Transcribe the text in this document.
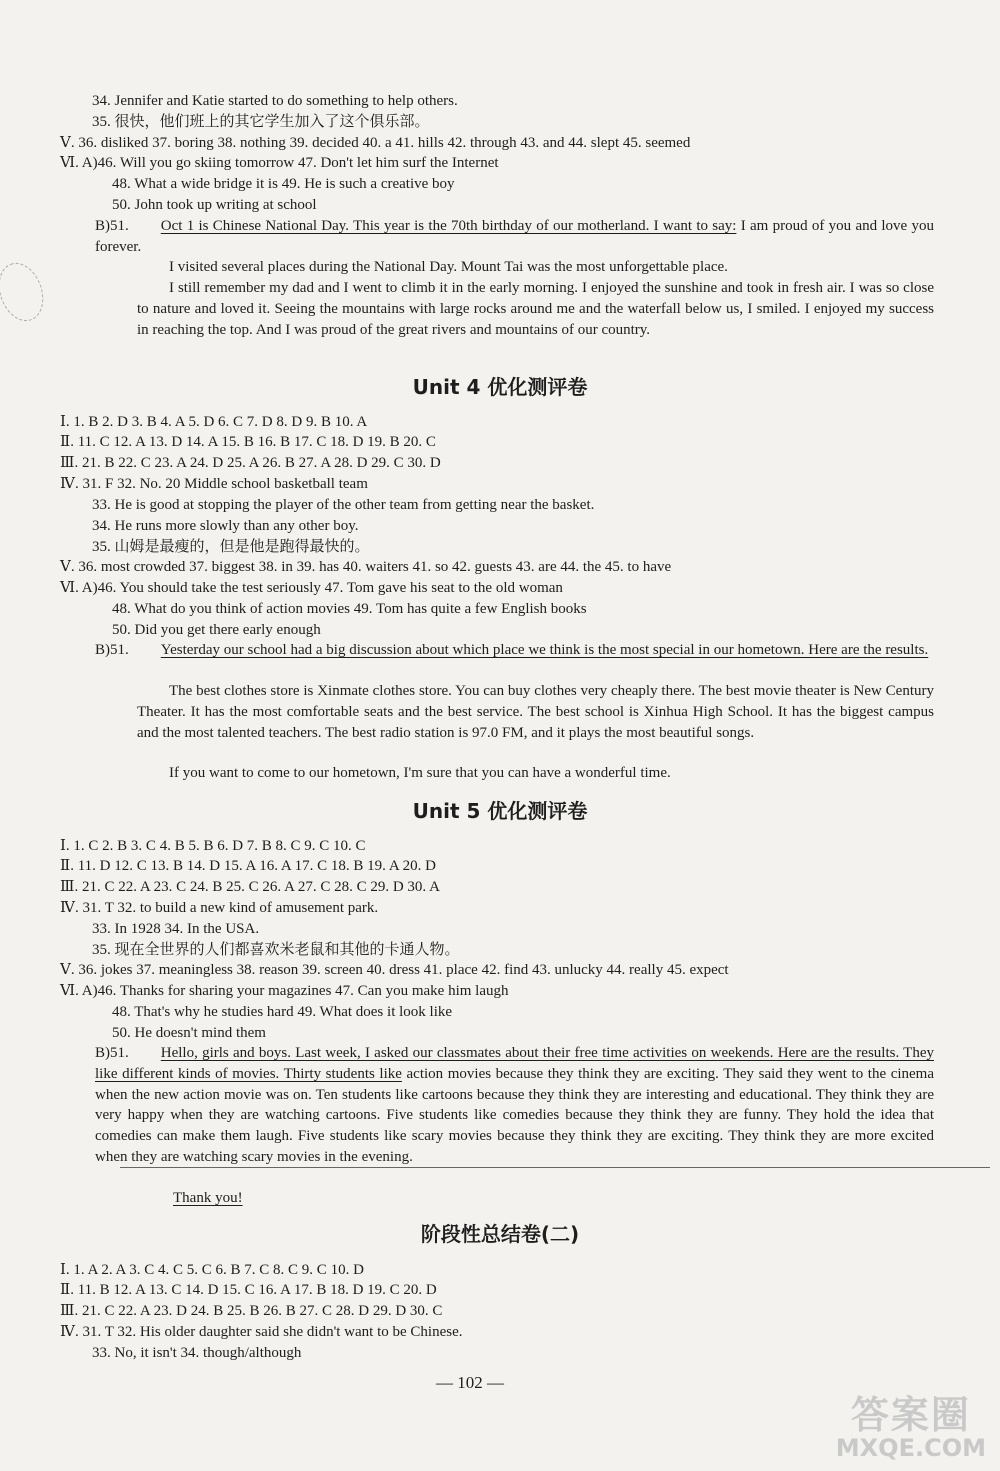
34. Jennifer and Katie started to do something to help others.
35. 很快，他们班上的其它学生加入了这个俱乐部。
Ⅴ. 36. disliked 37. boring 38. nothing 39. decided 40. a 41. hills 42. through 43. and 44. slept 45. seemed
Ⅵ. A)46. Will you go skiing tomorrow 47. Don't let him surf the Internet
48. What a wide bridge it is 49. He is such a creative boy
50. John took up writing at school
B)51. Oct 1 is Chinese National Day. This year is the 70th birthday of our motherland. I want to say: I am proud of you and love you forever.
I visited several places during the National Day. Mount Tai was the most unforgettable place.
I still remember my dad and I went to climb it in the early morning. I enjoyed the sunshine and took in fresh air. I was so close to nature and loved it. Seeing the mountains with large rocks around me and the waterfall below us, I smiled. I enjoyed my success in reaching the top. And I was proud of the great rivers and mountains of our country.
Unit 4 优化测评卷
Ⅰ. 1. B 2. D 3. B 4. A 5. D 6. C 7. D 8. D 9. B 10. A
Ⅱ. 11. C 12. A 13. D 14. A 15. B 16. B 17. C 18. D 19. B 20. C
Ⅲ. 21. B 22. C 23. A 24. D 25. A 26. B 27. A 28. D 29. C 30. D
Ⅳ. 31. F 32. No. 20 Middle school basketball team
33. He is good at stopping the player of the other team from getting near the basket.
34. He runs more slowly than any other boy.
35. 山姆是最瘦的，但是他是跑得最快的。
Ⅴ. 36. most crowded 37. biggest 38. in 39. has 40. waiters 41. so 42. guests 43. are 44. the 45. to have
Ⅵ. A)46. You should take the test seriously 47. Tom gave his seat to the old woman
48. What do you think of action movies 49. Tom has quite a few English books
50. Did you get there early enough
B)51. Yesterday our school had a big discussion about which place we think is the most special in our hometown. Here are the results.
The best clothes store is Xinmate clothes store. You can buy clothes very cheaply there. The best movie theater is New Century Theater. It has the most comfortable seats and the best service. The best school is Xinhua High School. It has the biggest campus and the most talented teachers. The best radio station is 97.0 FM, and it plays the most beautiful songs.
If you want to come to our hometown, I'm sure that you can have a wonderful time.
Unit 5 优化测评卷
Ⅰ. 1. C 2. B 3. C 4. B 5. B 6. D 7. B 8. C 9. C 10. C
Ⅱ. 11. D 12. C 13. B 14. D 15. A 16. A 17. C 18. B 19. A 20. D
Ⅲ. 21. C 22. A 23. C 24. B 25. C 26. A 27. C 28. C 29. D 30. A
Ⅳ. 31. T 32. to build a new kind of amusement park.
33. In 1928 34. In the USA.
35. 现在全世界的人们都喜欢米老鼠和其他的卡通人物。
Ⅴ. 36. jokes 37. meaningless 38. reason 39. screen 40. dress 41. place 42. find 43. unlucky 44. really 45. expect
Ⅵ. A)46. Thanks for sharing your magazines 47. Can you make him laugh
48. That's why he studies hard 49. What does it look like
50. He doesn't mind them
B)51. Hello, girls and boys. Last week, I asked our classmates about their free time activities on weekends. Here are the results. They like different kinds of movies. Thirty students like action movies because they think they are exciting. They said they went to the cinema when the new action movie was on. Ten students like cartoons because they think they are interesting and educational. They think they are very happy when they are watching cartoons. Five students like comedies because they think they are funny. They hold the idea that comedies can make them laugh. Five students like scary movies because they think they are exciting. They think they are more excited when they are watching scary movies in the evening.
Thank you!
阶段性总结卷(二)
Ⅰ. 1. A 2. A 3. C 4. C 5. C 6. B 7. C 8. C 9. C 10. D
Ⅱ. 11. B 12. A 13. C 14. D 15. C 16. A 17. B 18. D 19. C 20. D
Ⅲ. 21. C 22. A 23. D 24. B 25. B 26. B 27. C 28. D 29. D 30. C
Ⅳ. 31. T 32. His older daughter said she didn't want to be Chinese.
33. No, it isn't 34. though/although
— 102 —
答案圈
MXQE.COM
